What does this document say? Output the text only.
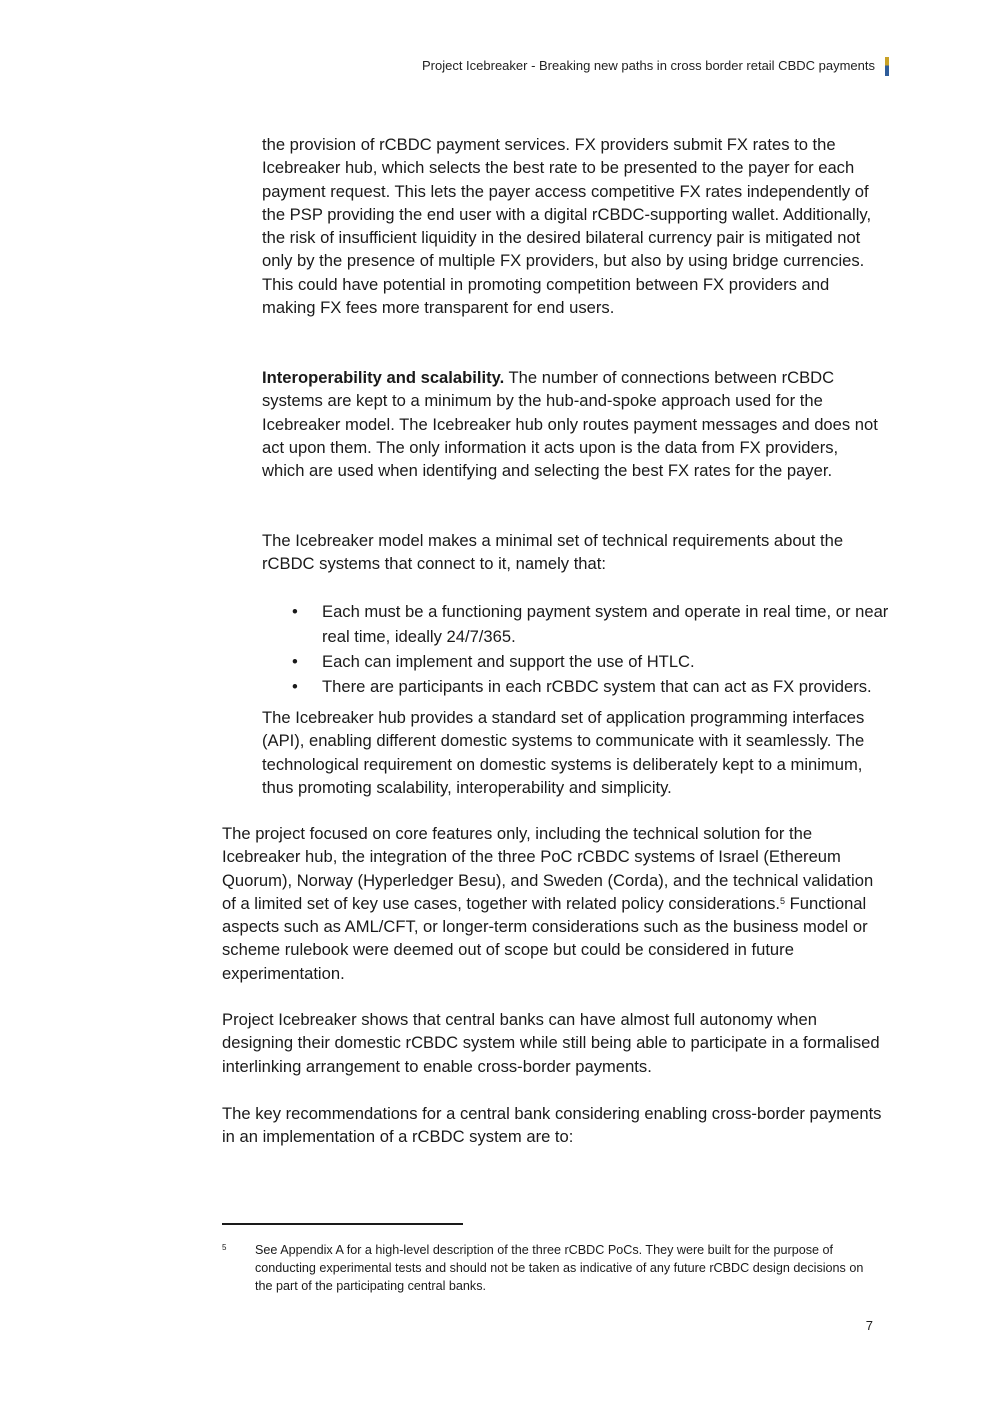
Project Icebreaker - Breaking new paths in cross border retail CBDC payments

the provision of rCBDC payment services. FX providers submit FX rates to the Icebreaker hub, which selects the best rate to be presented to the payer for each payment request. This lets the payer access competitive FX rates independently of the PSP providing the end user with a digital rCBDC-supporting wallet. Additionally, the risk of insufficient liquidity in the desired bilateral currency pair is mitigated not only by the presence of multiple FX providers, but also by using bridge currencies. This could have potential in promoting competition between FX providers and making FX fees more transparent for end users.

Interoperability and scalability. The number of connections between rCBDC systems are kept to a minimum by the hub-and-spoke approach used for the Icebreaker model. The Icebreaker hub only routes payment messages and does not act upon them. The only information it acts upon is the data from FX providers, which are used when identifying and selecting the best FX rates for the payer.

The Icebreaker model makes a minimal set of technical requirements about the rCBDC systems that connect to it, namely that:

• Each must be a functioning payment system and operate in real time, or near real time, ideally 24/7/365.
• Each can implement and support the use of HTLC.
• There are participants in each rCBDC system that can act as FX providers.

The Icebreaker hub provides a standard set of application programming interfaces (API), enabling different domestic systems to communicate with it seamlessly. The technological requirement on domestic systems is deliberately kept to a minimum, thus promoting scalability, interoperability and simplicity.

The project focused on core features only, including the technical solution for the Icebreaker hub, the integration of the three PoC rCBDC systems of Israel (Ethereum Quorum), Norway (Hyperledger Besu), and Sweden (Corda), and the technical validation of a limited set of key use cases, together with related policy considerations.$^5$ Functional aspects such as AML/CFT, or longer-term considerations such as the business model or scheme rulebook were deemed out of scope but could be considered in future experimentation.

Project Icebreaker shows that central banks can have almost full autonomy when designing their domestic rCBDC system while still being able to participate in a formalised interlinking arrangement to enable cross-border payments.

The key recommendations for a central bank considering enabling cross-border payments in an implementation of a rCBDC system are to:

5 See Appendix A for a high-level description of the three rCBDC PoCs. They were built for the purpose of conducting experimental tests and should not be taken as indicative of any future rCBDC design decisions on the part of the participating central banks.
7
